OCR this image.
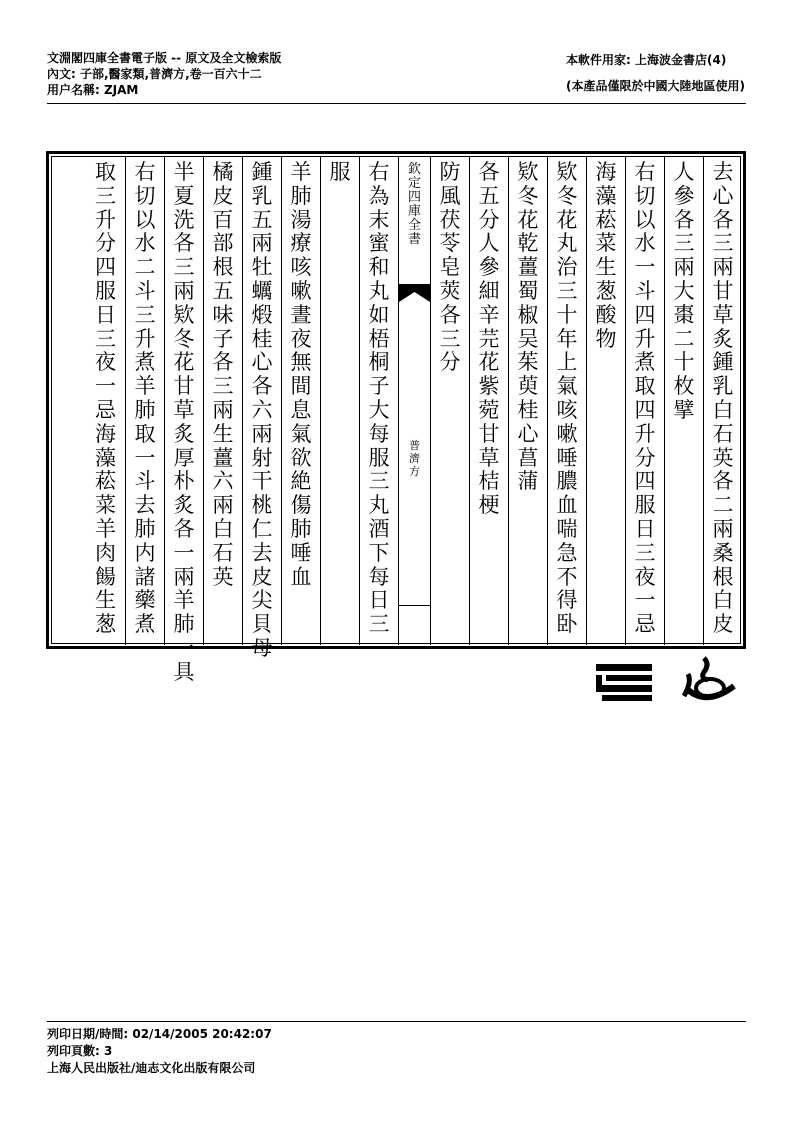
文淵閣四庫全書電子版 -- 原文及全文檢索版
內文: 子部,醫家類,普濟方,卷一百六十二
用户名稱: ZJAM
本軟件用家: 上海波金書店(4)
(本產品僅限於中國大陸地區使用)
去心各三兩甘草炙鍾乳白石英各二兩桑根白皮
人參各三兩大棗二十枚擘
右切以水一斗四升煮取四升分四服日三夜一忌
海藻菘菜生葱酸物
欵冬花丸治三十年上氣咳嗽唾膿血喘急不得卧
欵冬花乾薑蜀椒吴茱萸桂心菖蒲
各五分人參細辛芫花紫菀甘草桔梗
防風茯苓皂莢各三分
欽定四庫全書
普濟方
右為末蜜和丸如梧桐子大每服三丸酒下每日三
服
羊肺湯療咳嗽晝夜無間息氣欲絶傷肺唾血
鍾乳五兩牡蠣煅桂心各六兩射干桃仁去皮尖貝母
橘皮百部根五味子各三兩生薑六兩白石英
半夏洗各三兩欵冬花甘草炙厚朴炙各一兩羊肺一具
右切以水二斗三升煮羊肺取一斗去肺内諸藥煮
取三升分四服日三夜一忌海藻菘菜羊肉餳生葱
列印日期/時間: 02/14/2005 20:42:07
列印頁數: 3
上海人民出版社/迪志文化出版有限公司
